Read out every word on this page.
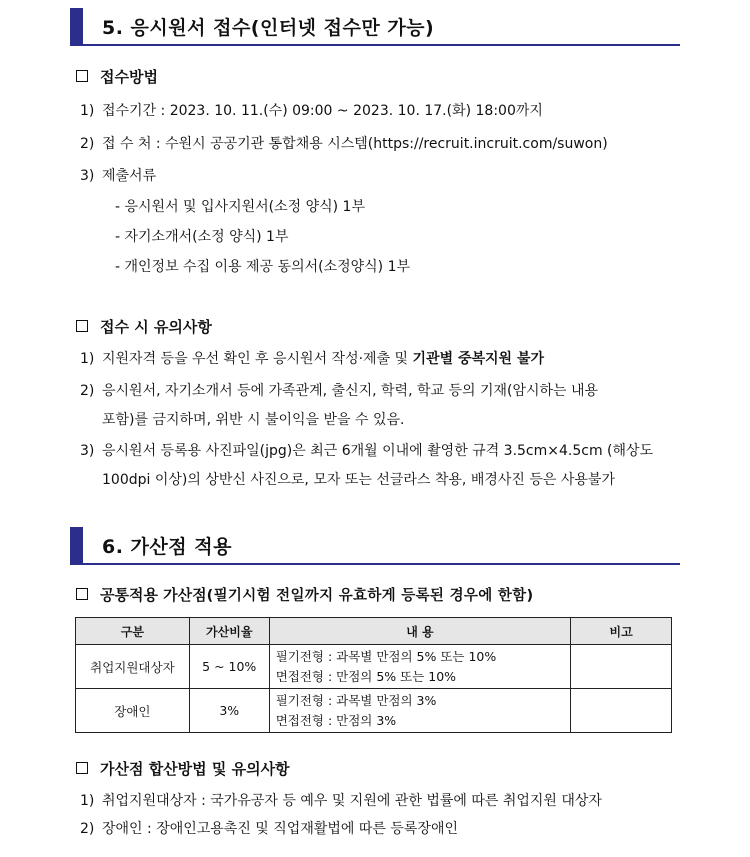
5. 응시원서 접수(인터넷 접수만 가능)
접수방법
1) 접수기간 : 2023. 10. 11.(수) 09:00 ~ 2023. 10. 17.(화) 18:00까지
2) 접 수 처 : 수원시 공공기관 통합채용 시스템(https://recruit.incruit.com/suwon)
3) 제출서류
- 응시원서 및 입사지원서(소정 양식) 1부
- 자기소개서(소정 양식) 1부
- 개인정보 수집 이용 제공 동의서(소정양식) 1부
접수 시 유의사항
1) 지원자격 등을 우선 확인 후 응시원서 작성·제출 및 기관별 중복지원 불가
2) 응시원서, 자기소개서 등에 가족관계, 출신지, 학력, 학교 등의 기재(암시하는 내용
포함)를 금지하며, 위반 시 불이익을 받을 수 있음.
3) 응시원서 등록용 사진파일(jpg)은 최근 6개월 이내에 촬영한 규격 3.5cm×4.5cm (해상도
100dpi 이상)의 상반신 사진으로, 모자 또는 선글라스 착용, 배경사진 등은 사용불가
6. 가산점 적용
공통적용 가산점(필기시험 전일까지 유효하게 등록된 경우에 한함)
구분	가산비율	내 용	비고
취업지원대상자	5 ~ 10%	필기전형 : 과목별 만점의 5% 또는 10%
면접전형 : 만점의 5% 또는 10%	

장애인	3%	필기전형 : 과목별 만점의 3%
면접전형 : 만점의 3%	

가산점 합산방법 및 유의사항
1) 취업지원대상자 : 국가유공자 등 예우 및 지원에 관한 법률에 따른 취업지원 대상자
2) 장애인 : 장애인고용촉진 및 직업재활법에 따른 등록장애인
